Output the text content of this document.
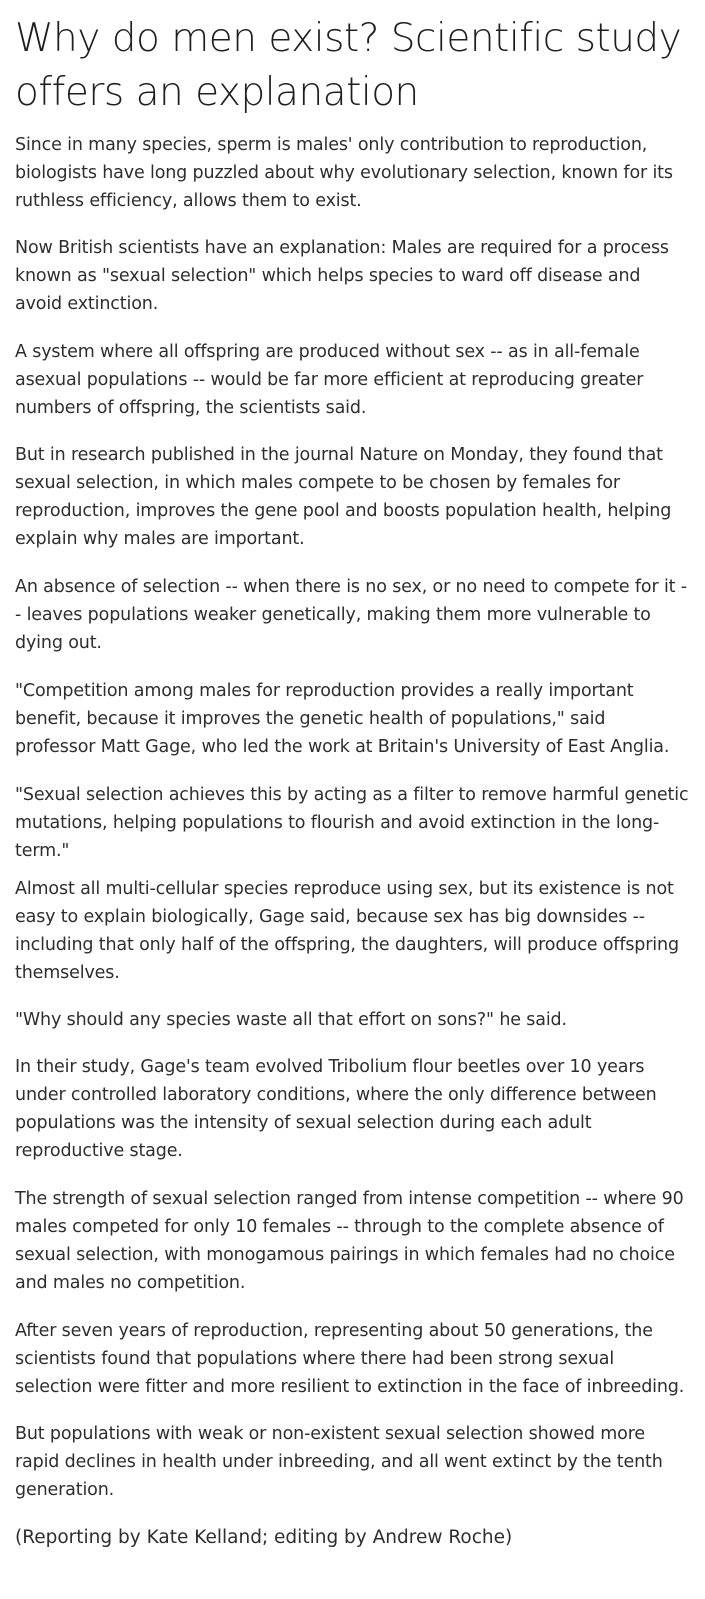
Why do men exist? Scientific study offers an explanation

Since in many species, sperm is males' only contribution to reproduction, biologists have long puzzled about why evolutionary selection, known for its ruthless efficiency, allows them to exist.

Now British scientists have an explanation: Males are required for a process known as "sexual selection" which helps species to ward off disease and avoid extinction.

A system where all offspring are produced without sex -- as in all-female asexual populations -- would be far more efficient at reproducing greater numbers of offspring, the scientists said.

But in research published in the journal Nature on Monday, they found that sexual selection, in which males compete to be chosen by females for reproduction, improves the gene pool and boosts population health, helping explain why males are important.

An absence of selection -- when there is no sex, or no need to compete for it -- leaves populations weaker genetically, making them more vulnerable to dying out.

"Competition among males for reproduction provides a really important benefit, because it improves the genetic health of populations," said professor Matt Gage, who led the work at Britain's University of East Anglia.

"Sexual selection achieves this by acting as a filter to remove harmful genetic mutations, helping populations to flourish and avoid extinction in the long-term."

Almost all multi-cellular species reproduce using sex, but its existence is not easy to explain biologically, Gage said, because sex has big downsides -- including that only half of the offspring, the daughters, will produce offspring themselves.

"Why should any species waste all that effort on sons?" he said.

In their study, Gage's team evolved Tribolium flour beetles over 10 years under controlled laboratory conditions, where the only difference between populations was the intensity of sexual selection during each adult reproductive stage.

The strength of sexual selection ranged from intense competition -- where 90 males competed for only 10 females -- through to the complete absence of sexual selection, with monogamous pairings in which females had no choice and males no competition.

After seven years of reproduction, representing about 50 generations, the scientists found that populations where there had been strong sexual selection were fitter and more resilient to extinction in the face of inbreeding.

But populations with weak or non-existent sexual selection showed more rapid declines in health under inbreeding, and all went extinct by the tenth generation.

(Reporting by Kate Kelland; editing by Andrew Roche)
